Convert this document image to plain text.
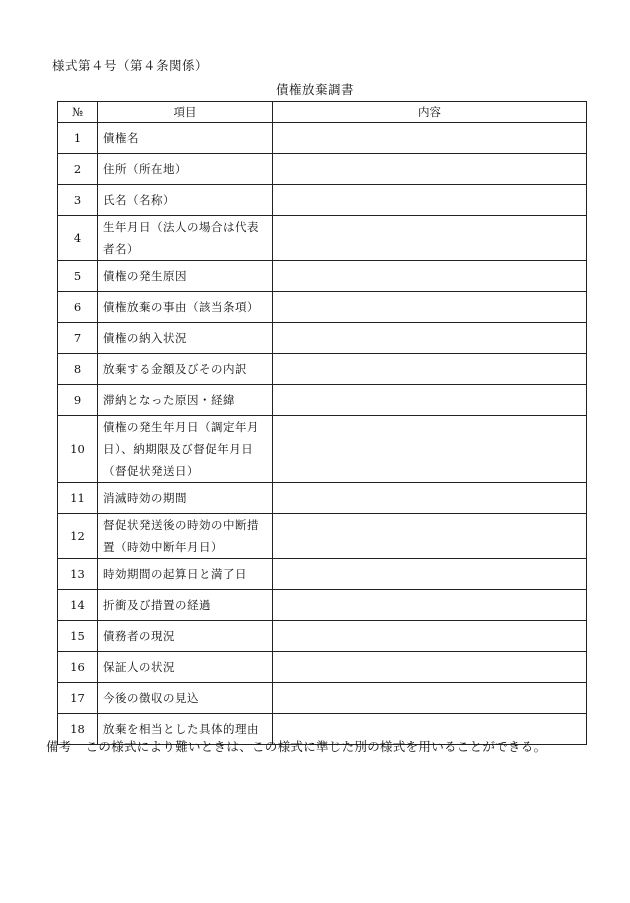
様式第４号（第４条関係）
債権放棄調書
№	項目	内容
1	債権名	
2	住所（所在地）	
3	氏名（名称）	
4	生年月日（法人の場合は代表者名）	
5	債権の発生原因	
6	債権放棄の事由（該当条項）	
7	債権の納入状況	
8	放棄する金額及びその内訳	
9	滞納となった原因・経緯	
10	債権の発生年月日（調定年月日）、納期限及び督促年月日（督促状発送日）	
11	消滅時効の期間	
12	督促状発送後の時効の中断措置（時効中断年月日）	
13	時効期間の起算日と満了日	
14	折衝及び措置の経過	
15	債務者の現況	
16	保証人の状況	
17	今後の徴収の見込	
18	放棄を相当とした具体的理由	
備考 この様式により難いときは、この様式に準じた別の様式を用いることができる。
